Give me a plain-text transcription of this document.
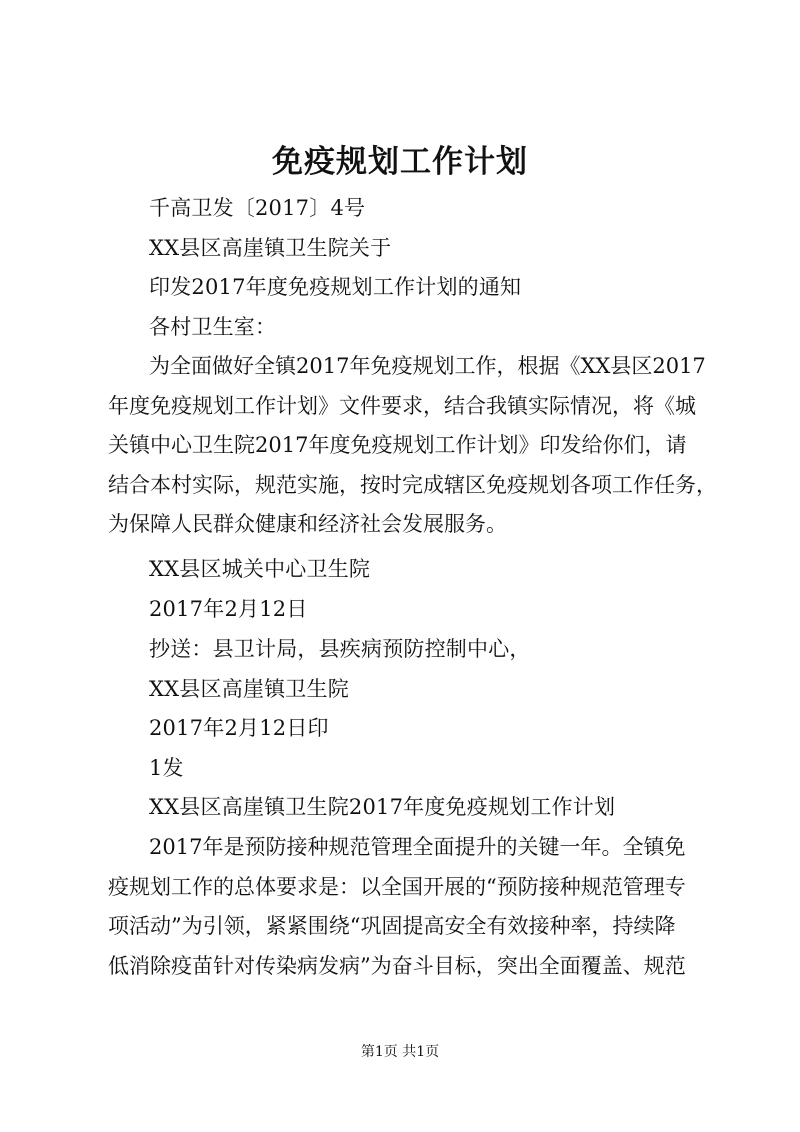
免疫规划工作计划
千高卫发〔2017〕4号
XX县区高崖镇卫生院关于
印发2017年度免疫规划工作计划的通知
各村卫生室：
为全面做好全镇2017年免疫规划工作，根据《XX县区2017
年度免疫规划工作计划》文件要求，结合我镇实际情况，将《城
关镇中心卫生院2017年度免疫规划工作计划》印发给你们，请
结合本村实际，规范实施，按时完成辖区免疫规划各项工作任务，
为保障人民群众健康和经济社会发展服务。
XX县区城关中心卫生院
2017年2月12日
抄送：县卫计局，县疾病预防控制中心，
XX县区高崖镇卫生院
2017年2月12日印
1发
XX县区高崖镇卫生院2017年度免疫规划工作计划
2017年是预防接种规范管理全面提升的关键一年。全镇免
疫规划工作的总体要求是：以全国开展的“预防接种规范管理专
项活动”为引领，紧紧围绕“巩固提高安全有效接种率，持续降
低消除疫苗针对传染病发病”为奋斗目标，突出全面覆盖、规范
第1页 共1页
